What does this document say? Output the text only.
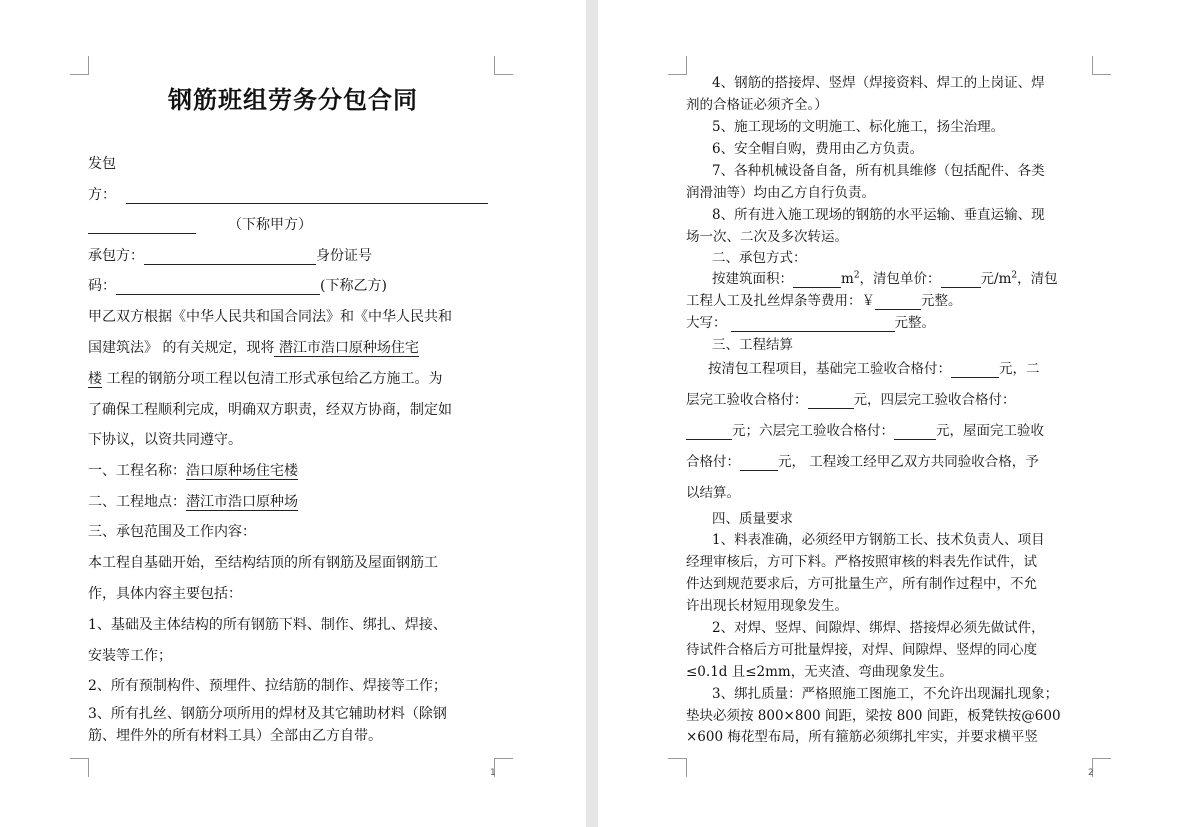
钢筋班组劳务分包合同
发包
方：
（下称甲方）
承包方：	身份证号
码：	(下称乙方)
甲乙双方根据《中华人民共和国合同法》和《中华人民共和
国建筑法》 的有关规定，现将 潜江市浩口原种场住宅
楼 工程的钢筋分项工程以包清工形式承包给乙方施工。为
了确保工程顺利完成，明确双方职责，经双方协商，制定如
下协议，以资共同遵守。
一、工程名称：浩口原种场住宅楼
二、工程地点：潜江市浩口原种场
三、承包范围及工作内容：
本工程自基础开始，至结构结顶的所有钢筋及屋面钢筋工
作，具体内容主要包括：
1、基础及主体结构的所有钢筋下料、制作、绑扎、焊接、
安装等工作；
2、所有预制构件、预埋件、拉结筋的制作、焊接等工作；
3、所有扎丝、钢筋分项所用的焊材及其它辅助材料（除钢
筋、埋件外的所有材料工具）全部由乙方自带。
1
4、钢筋的搭接焊、竖焊（焊接资料、焊工的上岗证、焊
剂的合格证必须齐全。）
5、施工现场的文明施工、标化施工，扬尘治理。
6、安全帽自购，费用由乙方负责。
7、各种机械设备自备，所有机具维修（包括配件、各类
润滑油等）均由乙方自行负责。
8、所有进入施工现场的钢筋的水平运输、垂直运输、现
场一次、二次及多次转运。
二、承包方式：
按建筑面积：	$m^2$，清包单价：	元$/m^2$，清包
工程人工及扎丝焊条等费用：￥	元整。
大写：	元整。
三、工程结算
按清包工程项目，基础完工验收合格付：	元，二
层完工验收合格付：	元，四层完工验收合格付：
元；六层完工验收合格付：	元，屋面完工验收
合格付：	元， 工程竣工经甲乙双方共同验收合格，予
以结算。
四、质量要求
1、料表准确，必须经甲方钢筋工长、技术负责人、项目
经理审核后，方可下料。严格按照审核的料表先作试件，试
件达到规范要求后，方可批量生产，所有制作过程中，不允
许出现长材短用现象发生。
2、对焊、竖焊、间隙焊、绑焊、搭接焊必须先做试件，
待试件合格后方可批量焊接，对焊、间隙焊、竖焊的同心度
≤0.1d 且≤2mm，无夹渣、弯曲现象发生。
3、绑扎质量：严格照施工图施工，不允许出现漏扎现象；
垫块必须按 800×800 间距，梁按 800 间距，板凳铁按@600
×600 梅花型布局，所有箍筋必须绑扎牢实，并要求横平竖
2
